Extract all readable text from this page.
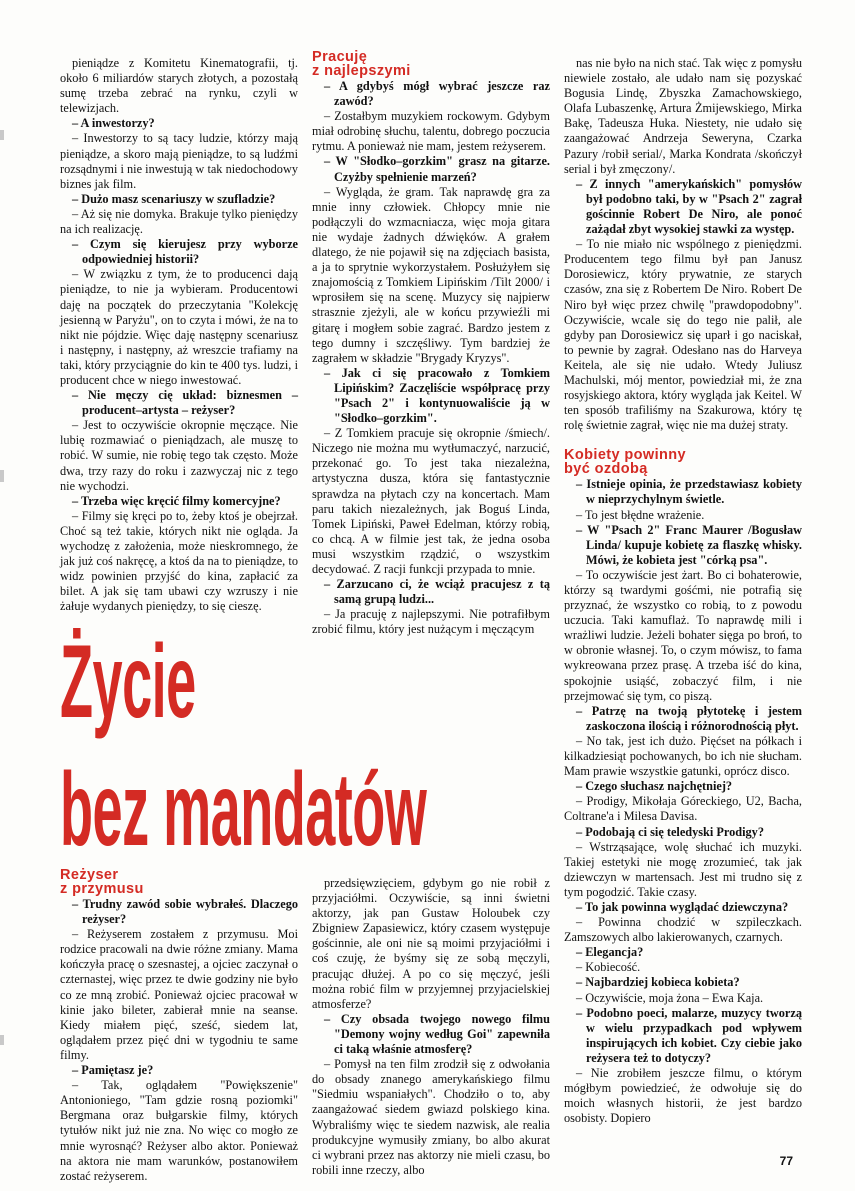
pieniądze z Komitetu Kinematografii, tj. około 6 miliardów starych złotych, a pozostałą sumę trzeba zebrać na rynku, czyli w telewizjach.

– A inwestorzy?

– Inwestorzy to są tacy ludzie, którzy mają pieniądze, a skoro mają pieniądze, to są ludźmi rozsądnymi i nie inwestują w tak niedochodowy biznes jak film.

– Dużo masz scenariuszy w szufladzie?

– Aż się nie domyka. Brakuje tylko pieniędzy na ich realizację.

– Czym się kierujesz przy wyborze odpowiedniej historii?

– W związku z tym, że to producenci dają pieniądze, to nie ja wybieram. Producentowi daję na początek do przeczytania "Kolekcję jesienną w Paryżu", on to czyta i mówi, że na to nikt nie pójdzie. Więc daję następny scenariusz i następny, i następny, aż wreszcie trafiamy na taki, który przyciągnie do kin te 400 tys. ludzi, i producent chce w niego inwestować.

– Nie męczy cię układ: biznesmen – producent–artysta – reżyser?

– Jest to oczywiście okropnie męczące. Nie lubię rozmawiać o pieniądzach, ale muszę to robić. W sumie, nie robię tego tak często. Może dwa, trzy razy do roku i zazwyczaj nic z tego nie wychodzi.

– Trzeba więc kręcić filmy komercyjne?

– Filmy się kręci po to, żeby ktoś je obejrzał. Choć są też takie, których nikt nie ogląda. Ja wychodzę z założenia, może nieskromnego, że jak już coś nakręcę, a ktoś da na to pieniądze, to widz powinien przyjść do kina, zapłacić za bilet. A jak się tam ubawi czy wzruszy i nie żałuje wydanych pieniędzy, to się cieszę.

Pracuję
z najlepszymi

– A gdybyś mógł wybrać jeszcze raz zawód?

– Zostałbym muzykiem rockowym. Gdybym miał odrobinę słuchu, talentu, dobrego poczucia rytmu. A ponieważ nie mam, jestem reżyserem.

– W "Słodko–gorzkim" grasz na gitarze. Czyżby spełnienie marzeń?

– Wygląda, że gram. Tak naprawdę gra za mnie inny człowiek. Chłopcy mnie nie podłączyli do wzmacniacza, więc moja gitara nie wydaje żadnych dźwięków. A grałem dlatego, że nie pojawił się na zdjęciach basista, a ja to sprytnie wykorzystałem. Posłużyłem się znajomością z Tomkiem Lipińskim /Tilt 2000/ i wprosiłem się na scenę. Muzycy się najpierw strasznie zjeżyli, ale w końcu przywieźli mi gitarę i mogłem sobie zagrać. Bardzo jestem z tego dumny i szczęśliwy. Tym bardziej że zagrałem w składzie "Brygady Kryzys".

– Jak ci się pracowało z Tomkiem Lipińskim? Zaczęliście współpracę przy "Psach 2" i kontynuowaliście ją w "Słodko–gorzkim".

– Z Tomkiem pracuje się okropnie /śmiech/. Niczego nie można mu wytłumaczyć, narzucić, przekonać go. To jest taka niezależna, artystyczna dusza, która się fantastycznie sprawdza na płytach czy na koncertach. Mam paru takich niezależnych, jak Boguś Linda, Tomek Lipiński, Paweł Edelman, którzy robią, co chcą. A w filmie jest tak, że jedna osoba musi wszystkim rządzić, o wszystkim decydować. Z racji funkcji przypada to mnie.

– Zarzucano ci, że wciąż pracujesz z tą samą grupą ludzi...

– Ja pracuję z najlepszymi. Nie potrafiłbym zrobić filmu, który jest nużącym i męczącym

nas nie było na nich stać. Tak więc z pomysłu niewiele zostało, ale udało nam się pozyskać Bogusia Lindę, Zbyszka Zamachowskiego, Olafa Lubaszenkę, Artura Żmijewskiego, Mirka Bakę, Tadeusza Huka. Niestety, nie udało się zaangażować Andrzeja Seweryna, Czarka Pazury /robił serial/, Marka Kondrata /skończył serial i był zmęczony/.

– Z innych "amerykańskich" pomysłów był podobno taki, by w "Psach 2" zagrał gościnnie Robert De Niro, ale ponoć zażądał zbyt wysokiej stawki za występ.

– To nie miało nic wspólnego z pieniędzmi. Producentem tego filmu był pan Janusz Dorosiewicz, który prywatnie, ze starych czasów, zna się z Robertem De Niro. Robert De Niro był więc przez chwilę "prawdopodobny". Oczywiście, wcale się do tego nie palił, ale gdyby pan Dorosiewicz się uparł i go naciskał, to pewnie by zagrał. Odesłano nas do Harveya Keitela, ale się nie udało. Wtedy Juliusz Machulski, mój mentor, powiedział mi, że zna rosyjskiego aktora, który wygląda jak Keitel. W ten sposób trafiliśmy na Szakurowa, który tę rolę świetnie zagrał, więc nie ma dużej straty.

Kobiety powinny
być ozdobą

– Istnieje opinia, że przedstawiasz kobiety w nieprzychylnym świetle.

– To jest błędne wrażenie.

– W "Psach 2" Franc Maurer /Bogusław Linda/ kupuje kobietę za flaszkę whisky. Mówi, że kobieta jest "córką psa".

– To oczywiście jest żart. Bo ci bohaterowie, którzy są twardymi gośćmi, nie potrafią się przyznać, że wszystko co robią, to z powodu uczucia. Taki kamuflaż. To naprawdę mili i wrażliwi ludzie. Jeżeli bohater sięga po broń, to w obronie własnej. To, o czym mówisz, to fama wykreowana przez prasę. A trzeba iść do kina, spokojnie usiąść, zobaczyć film, i nie przejmować się tym, co piszą.

– Patrzę na twoją płytotekę i jestem zaskoczona ilością i różnorodnością płyt.

– No tak, jest ich dużo. Pięćset na półkach i kilkadziesiąt pochowanych, bo ich nie słucham. Mam prawie wszystkie gatunki, oprócz disco.

– Czego słuchasz najchętniej?

– Prodigy, Mikołaja Góreckiego, U2, Bacha, Coltrane'a i Milesa Davisa.

– Podobają ci się teledyski Prodigy?

– Wstrząsające, wolę słuchać ich muzyki. Takiej estetyki nie mogę zrozumieć, tak jak dziewczyn w martensach. Jest mi trudno się z tym pogodzić. Takie czasy.

– To jak powinna wyglądać dziewczyna?

– Powinna chodzić w szpileczkach. Zamszowych albo lakierowanych, czarnych.

– Elegancja?

– Kobiecość.

– Najbardziej kobieca kobieta?

– Oczywiście, moja żona – Ewa Kaja.

– Podobno poeci, malarze, muzycy tworzą w wielu przypadkach pod wpływem inspirujących ich kobiet. Czy ciebie jako reżysera też to dotyczy?

– Nie zrobiłem jeszcze filmu, o którym mógłbym powiedzieć, że odwołuje się do moich własnych historii, że jest bardzo osobisty. Dopiero

Życie
bez mandatów
Reżyser
z przymusu

– Trudny zawód sobie wybrałeś. Dlaczego reżyser?

– Reżyserem zostałem z przymusu. Moi rodzice pracowali na dwie różne zmiany. Mama kończyła pracę o szesnastej, a ojciec zaczynał o czternastej, więc przez te dwie godziny nie było co ze mną zrobić. Ponieważ ojciec pracował w kinie jako bileter, zabierał mnie na seanse. Kiedy miałem pięć, sześć, siedem lat, oglądałem przez pięć dni w tygodniu te same filmy.

– Pamiętasz je?

– Tak, oglądałem "Powiększenie" Antonioniego, "Tam gdzie rosną poziomki" Bergmana oraz bułgarskie filmy, których tytułów nikt już nie zna. No więc co mogło ze mnie wyrosnąć? Reżyser albo aktor. Ponieważ na aktora nie mam warunków, postanowiłem zostać reżyserem.

przedsięwzięciem, gdybym go nie robił z przyjaciółmi. Oczywiście, są inni świetni aktorzy, jak pan Gustaw Holoubek czy Zbigniew Zapasiewicz, który czasem występuje gościnnie, ale oni nie są moimi przyjaciółmi i coś czuję, że byśmy się ze sobą męczyli, pracując dłużej. A po co się męczyć, jeśli można robić film w przyjemnej przyjacielskiej atmosferze?

– Czy obsada twojego nowego filmu "Demony wojny według Goi" zapewniła ci taką właśnie atmosferę?

– Pomysł na ten film zrodził się z odwołania do obsady znanego amerykańskiego filmu "Siedmiu wspaniałych". Chodziło o to, aby zaangażować siedem gwiazd polskiego kina. Wybraliśmy więc te siedem nazwisk, ale realia produkcyjne wymusiły zmiany, bo albo akurat ci wybrani przez nas aktorzy nie mieli czasu, bo robili inne rzeczy, albo

77
